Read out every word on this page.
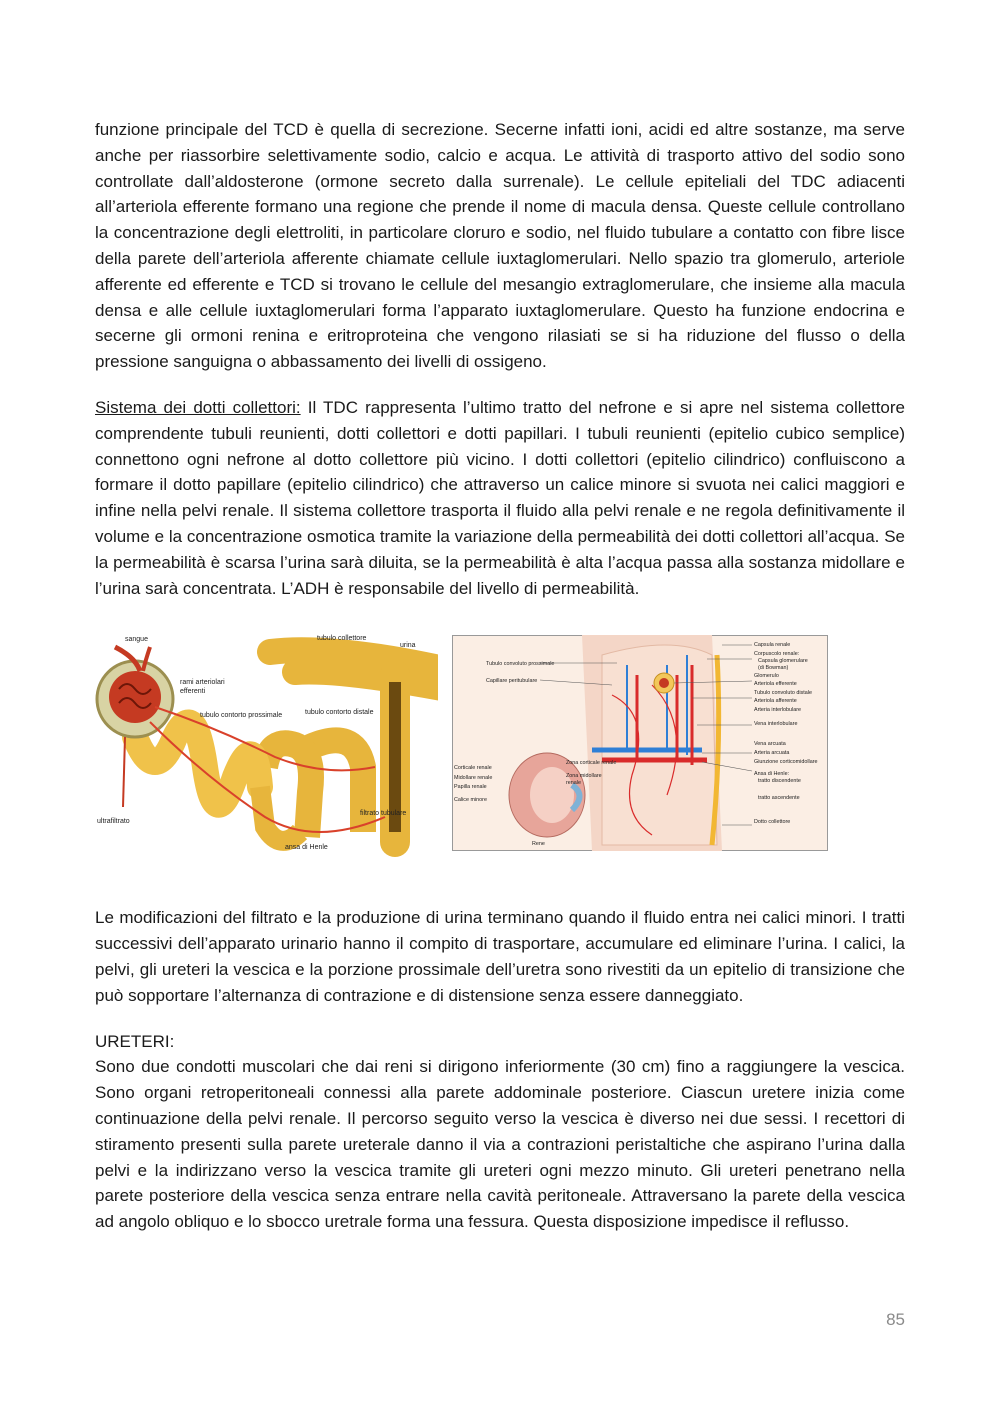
funzione principale del TCD è quella di secrezione. Secerne infatti ioni, acidi ed altre sostanze, ma serve anche per riassorbire selettivamente sodio, calcio e acqua. Le attività di trasporto attivo del sodio sono controllate dall’aldosterone (ormone secreto dalla surrenale). Le cellule epiteliali del TDC adiacenti all’arteriola efferente formano una regione che prende il nome di macula densa. Queste cellule controllano la concentrazione degli elettroliti, in particolare cloruro e sodio, nel fluido tubulare a contatto con fibre lisce della parete dell’arteriola afferente chiamate cellule iuxtaglomerulari. Nello spazio tra glomerulo, arteriole afferente ed efferente e TCD si trovano le cellule del mesangio extraglomerulare, che insieme alla macula densa e alle cellule iuxtaglomerulari forma l’apparato iuxtaglomerulare. Questo ha funzione endocrina e secerne gli ormoni renina e eritroproteina che vengono rilasiati se si ha riduzione del flusso o della pressione sanguigna o abbassamento dei livelli di ossigeno.

Sistema dei dotti collettori: Il TDC rappresenta l’ultimo tratto del nefrone e si apre nel sistema collettore comprendente tubuli reunienti, dotti collettori e dotti papillari. I tubuli reunienti (epitelio cubico semplice) connettono ogni nefrone al dotto collettore più vicino. I dotti collettori (epitelio cilindrico) confluiscono a formare il dotto papillare (epitelio cilindrico) che attraverso un calice minore si svuota nei calici maggiori e infine nella pelvi renale. Il sistema collettore trasporta il fluido alla pelvi renale e ne regola definitivamente il volume e la concentrazione osmotica tramite la variazione della permeabilità dei dotti collettori all’acqua. Se la permeabilità è scarsa l’urina sarà diluita, se la permeabilità è alta l’acqua passa alla sostanza midollare e l’urina sarà concentrata. L’ADH è responsabile del livello di permeabilità.

sangue	tubulo collettore
urina
rami arteriolari
efferenti
tubulo contorto prossimale	tubulo contorto distale
ultrafiltrato
filtrato tubulare
ansa di Henle
Capsula renale
Corpuscolo renale:
Capsula glomerulare
(di Bowman)
Glomerulo
Arteriola efferente
Tubulo convoluto distale
Arteriola afferente
Arteria interlobulare
Vena interlobulare
Vena arcuata
Arteria arcuata
Giunzione corticomidollare
Ansa di Henle:
tratto discendente
tratto ascendente
Dotto collettore
Tubulo convoluto prossimale
Capillare peritubulare
Corticale renale
Midollare renale
Papilla renale
Calice minore
Zona corticale renale
Zona midollare
renale
Rene

Le modificazioni del filtrato e la produzione di urina terminano quando il fluido entra nei calici minori. I tratti successivi dell’apparato urinario hanno il compito di trasportare, accumulare ed eliminare l’urina. I calici, la pelvi, gli ureteri la vescica e la porzione prossimale dell’uretra sono rivestiti da un epitelio di transizione che può sopportare l’alternanza di contrazione e di distensione senza essere danneggiato.

URETERI:

Sono due condotti muscolari che dai reni si dirigono inferiormente (30 cm) fino a raggiungere la vescica. Sono organi retroperitoneali connessi alla parete addominale posteriore. Ciascun uretere inizia come continuazione della pelvi renale. Il percorso seguito verso la vescica è diverso nei due sessi. I recettori di stiramento presenti sulla parete ureterale danno il via a contrazioni peristaltiche che aspirano l’urina dalla pelvi e la indirizzano verso la vescica tramite gli ureteri ogni mezzo minuto. Gli ureteri penetrano nella parete posteriore della vescica senza entrare nella cavità peritoneale. Attraversano la parete della vescica ad angolo obliquo e lo sbocco uretrale forma una fessura. Questa disposizione impedisce il reflusso.

85
